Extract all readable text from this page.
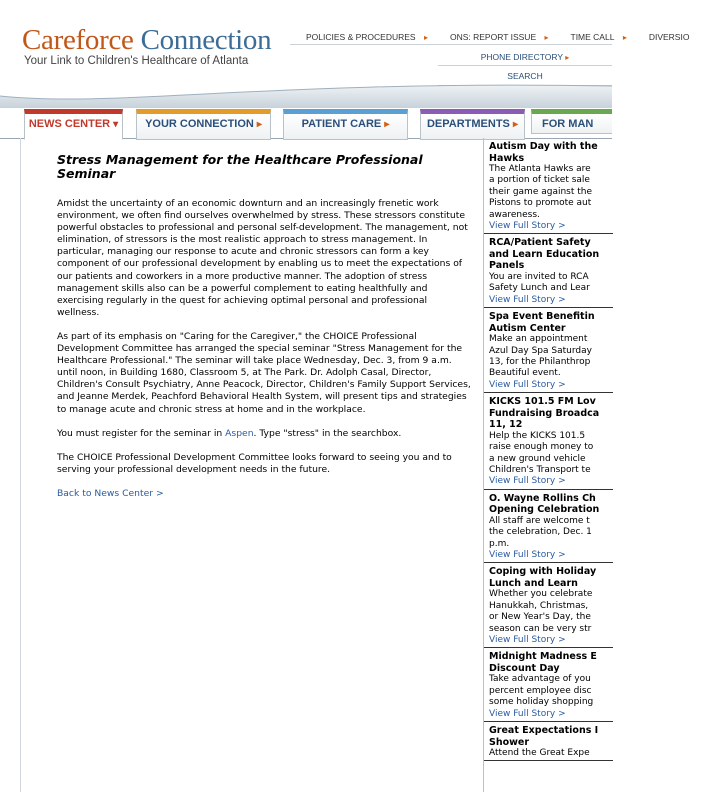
Careforce Connection
Your Link to Children's Healthcare of Atlanta
POLICIES & PROCEDURES ▸	ONS: REPORT ISSUE ▸	TIME CALL ▸	DIVERSIO
PHONE DIRECTORY ▸
SEARCH
NEWS CENTER ▾	YOUR CONNECTION ▸	PATIENT CARE ▸	DEPARTMENTS ▸	FOR MAN
Stress Management for the Healthcare Professional Seminar

Amidst the uncertainty of an economic downturn and an increasingly frenetic work environment, we often find ourselves overwhelmed by stress. These stressors constitute powerful obstacles to professional and personal self-development. The management, not elimination, of stressors is the most realistic approach to stress management. In particular, managing our response to acute and chronic stressors can form a key component of our professional development by enabling us to meet the expectations of our patients and coworkers in a more productive manner. The adoption of stress management skills also can be a powerful complement to eating healthfully and exercising regularly in the quest for achieving optimal personal and professional wellness.

As part of its emphasis on "Caring for the Caregiver," the CHOICE Professional Development Committee has arranged the special seminar "Stress Management for the Healthcare Professional." The seminar will take place Wednesday, Dec. 3, from 9 a.m. until noon, in Building 1680, Classroom 5, at The Park. Dr. Adolph Casal, Director, Children's Consult Psychiatry, Anne Peacock, Director, Children's Family Support Services, and Jeanne Merdek, Peachford Behavioral Health System, will present tips and strategies to manage acute and chronic stress at home and in the workplace.

You must register for the seminar in Aspen. Type "stress" in the searchbox.

The CHOICE Professional Development Committee looks forward to seeing you and to serving your professional development needs in the future.

Back to News Center >

Autism Day with the
Hawks
The Atlanta Hawks are
a portion of ticket sale
their game against the
Pistons to promote aut
awareness.
View Full Story >
RCA/Patient Safety
and Learn Education
Panels
You are invited to RCA
Safety Lunch and Lear
View Full Story >
Spa Event Benefitin
Autism Center
Make an appointment
Azul Day Spa Saturday
13, for the Philanthrop
Beautiful event.
View Full Story >
KICKS 101.5 FM Lov
Fundraising Broadca
11, 12
Help the KICKS 101.5
raise enough money to
a new ground vehicle
Children's Transport te
View Full Story >
O. Wayne Rollins Ch
Opening Celebration
All staff are welcome t
the celebration, Dec. 1
p.m.
View Full Story >
Coping with Holiday
Lunch and Learn
Whether you celebrate
Hanukkah, Christmas,
or New Year's Day, the
season can be very str
View Full Story >
Midnight Madness E
Discount Day
Take advantage of you
percent employee disc
some holiday shopping
View Full Story >
Great Expectations I
Shower
Attend the Great Expe
